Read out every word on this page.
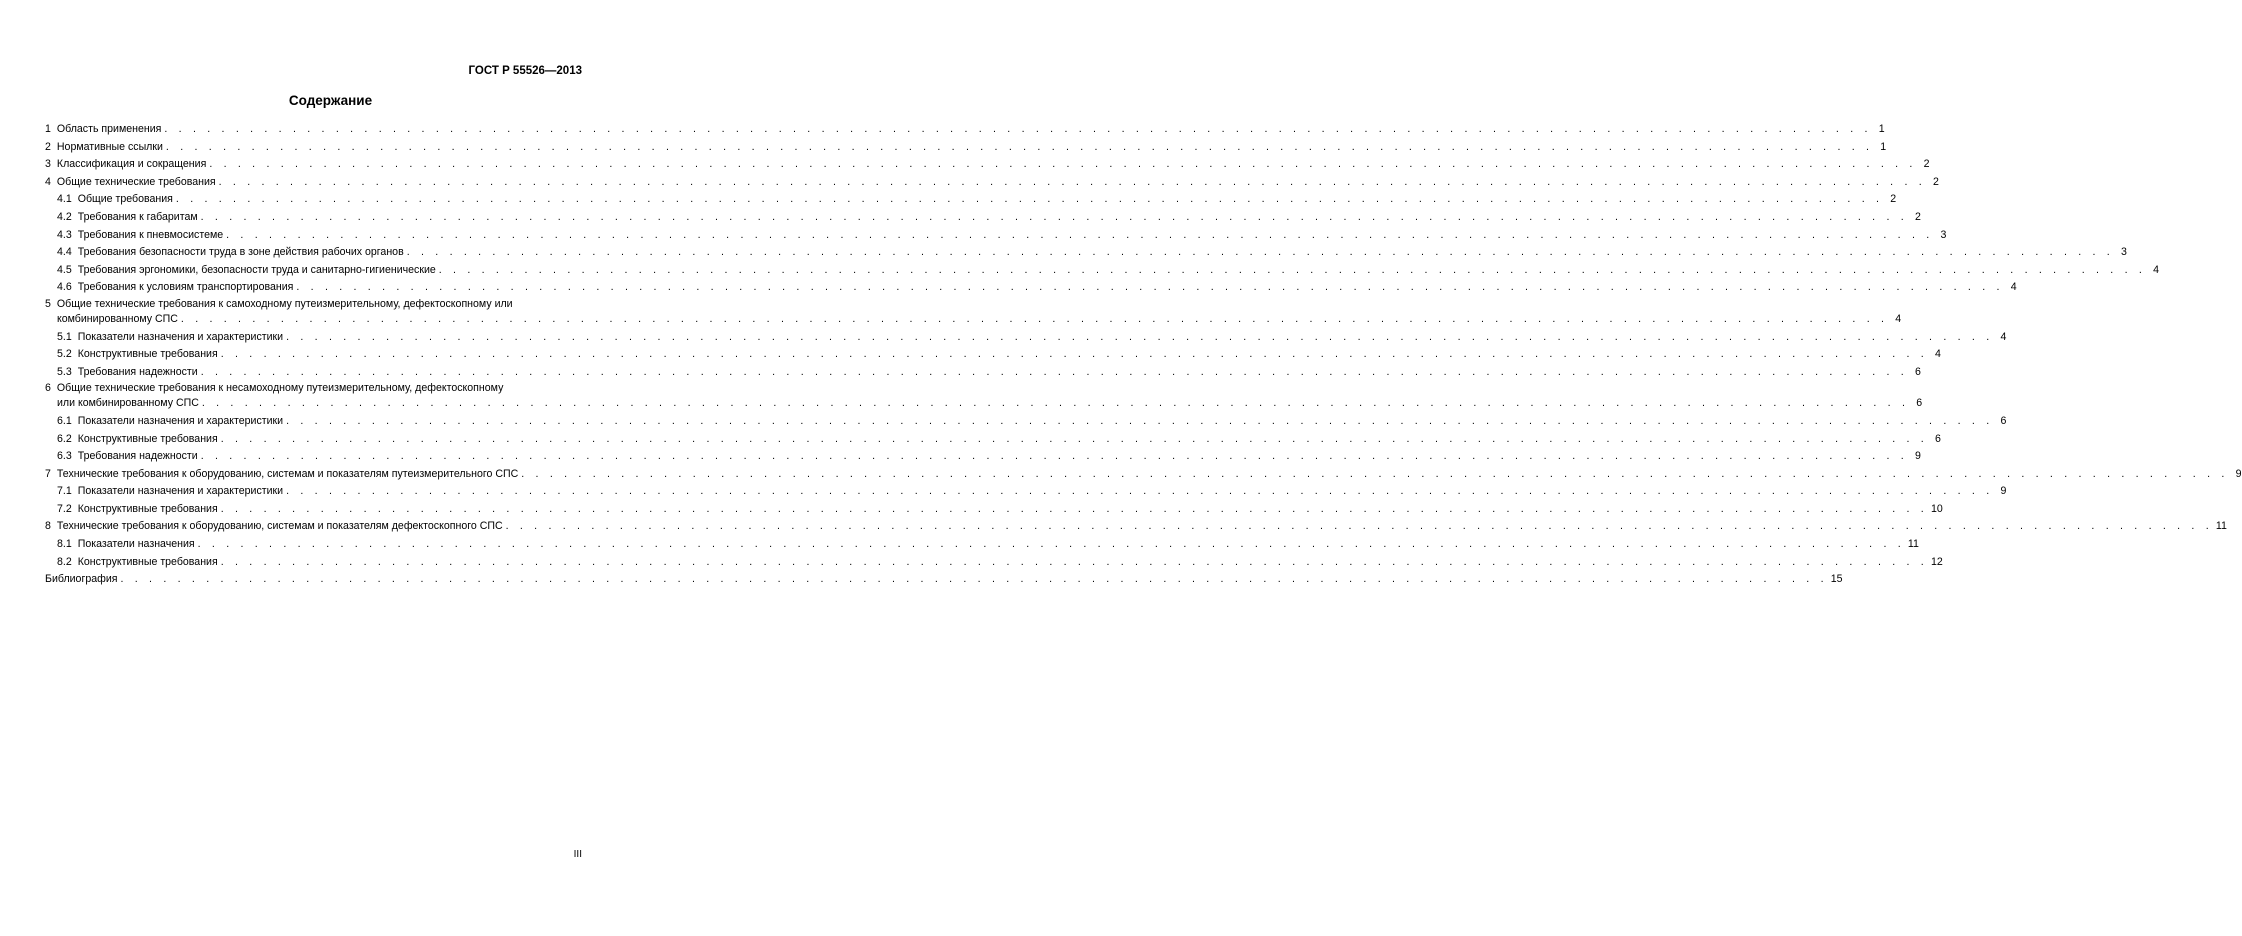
ГОСТ Р 55526—2013
Содержание
1 Область применения . . . . . . . . . . . . . . . . . . . . . . . . . . . . . . . . . . . . . . . . . . . . . . . . . . . . . . . . . . . . . . . . . . . . . . . . . . . . . . . . . . . . . . . . . . . . . . . . . . . . . . . . . . . . . . . . . . . . . . . . 1
2 Нормативные ссылки . . . . . . . . . . . . . . . . . . . . . . . . . . . . . . . . . . . . . . . . . . . . . . . . . . . . . . . . . . . . . . . . . . . . . . . . . . . . . . . . . . . . . . . . . . . . . . . . . . . . . . . . . . . . . . . . . . . . . . . . 1
3 Классификация и сокращения . . . . . . . . . . . . . . . . . . . . . . . . . . . . . . . . . . . . . . . . . . . . . . . . . . . . . . . . . . . . . . . . . . . . . . . . . . . . . . . . . . . . . . . . . . . . . . . . . . . . . . . . . . . . . . . . . . . . . . . . 2
4 Общие технические требования . . . . . . . . . . . . . . . . . . . . . . . . . . . . . . . . . . . . . . . . . . . . . . . . . . . . . . . . . . . . . . . . . . . . . . . . . . . . . . . . . . . . . . . . . . . . . . . . . . . . . . . . . . . . . . . . . . . . . . . . 2
4.1 Общие требования . . . . . . . . . . . . . . . . . . . . . . . . . . . . . . . . . . . . . . . . . . . . . . . . . . . . . . . . . . . . . . . . . . . . . . . . . . . . . . . . . . . . . . . . . . . . . . . . . . . . . . . . . . . . . . . . . . . . . . . . 2
4.2 Требования к габаритам . . . . . . . . . . . . . . . . . . . . . . . . . . . . . . . . . . . . . . . . . . . . . . . . . . . . . . . . . . . . . . . . . . . . . . . . . . . . . . . . . . . . . . . . . . . . . . . . . . . . . . . . . . . . . . . . . . . . . . . . 2
4.3 Требования к пневмосистеме . . . . . . . . . . . . . . . . . . . . . . . . . . . . . . . . . . . . . . . . . . . . . . . . . . . . . . . . . . . . . . . . . . . . . . . . . . . . . . . . . . . . . . . . . . . . . . . . . . . . . . . . . . . . . . . . . . . . . . . . 3
4.4 Требования безопасности труда в зоне действия рабочих органов . . . . . . . . . . . . . . . . . . . . . . . . . . . . . . . . . . . . . . . . . . . . . . . . . . . . . . . . . . . . . . . . . . . . . . . . . . . . . . . . . . . . . . . . . . . . . . . . . . . . . . . . . . . . . . . . . . . . . . . . 3
4.5 Требования эргономики, безопасности труда и санитарно-гигиенические . . . . . . . . . . . . . . . . . . . . . . . . . . . . . . . . . . . . . . . . . . . . . . . . . . . . . . . . . . . . . . . . . . . . . . . . . . . . . . . . . . . . . . . . . . . . . . . . . . . . . . . . . . . . . . . . . . . . . . . . 4
4.6 Требования к условиям транспортирования . . . . . . . . . . . . . . . . . . . . . . . . . . . . . . . . . . . . . . . . . . . . . . . . . . . . . . . . . . . . . . . . . . . . . . . . . . . . . . . . . . . . . . . . . . . . . . . . . . . . . . . . . . . . . . . . . . . . . . . . 4
5 Общие технические требования к самоходному путеизмерительному, дефектоскопному или
комбинированному СПС . . . . . . . . . . . . . . . . . . . . . . . . . . . . . . . . . . . . . . . . . . . . . . . . . . . . . . . . . . . . . . . . . . . . . . . . . . . . . . . . . . . . . . . . . . . . . . . . . . . . . . . . . . . . . . . . . . . . . . . . 4
5.1 Показатели назначения и характеристики . . . . . . . . . . . . . . . . . . . . . . . . . . . . . . . . . . . . . . . . . . . . . . . . . . . . . . . . . . . . . . . . . . . . . . . . . . . . . . . . . . . . . . . . . . . . . . . . . . . . . . . . . . . . . . . . . . . . . . . . 4
5.2 Конструктивные требования . . . . . . . . . . . . . . . . . . . . . . . . . . . . . . . . . . . . . . . . . . . . . . . . . . . . . . . . . . . . . . . . . . . . . . . . . . . . . . . . . . . . . . . . . . . . . . . . . . . . . . . . . . . . . . . . . . . . . . . . 4
5.3 Требования надежности . . . . . . . . . . . . . . . . . . . . . . . . . . . . . . . . . . . . . . . . . . . . . . . . . . . . . . . . . . . . . . . . . . . . . . . . . . . . . . . . . . . . . . . . . . . . . . . . . . . . . . . . . . . . . . . . . . . . . . . . 6
6 Общие технические требования к несамоходному путеизмерительному, дефектоскопному
или комбинированному СПС . . . . . . . . . . . . . . . . . . . . . . . . . . . . . . . . . . . . . . . . . . . . . . . . . . . . . . . . . . . . . . . . . . . . . . . . . . . . . . . . . . . . . . . . . . . . . . . . . . . . . . . . . . . . . . . . . . . . . . . . 6
6.1 Показатели назначения и характеристики . . . . . . . . . . . . . . . . . . . . . . . . . . . . . . . . . . . . . . . . . . . . . . . . . . . . . . . . . . . . . . . . . . . . . . . . . . . . . . . . . . . . . . . . . . . . . . . . . . . . . . . . . . . . . . . . . . . . . . . . 6
6.2 Конструктивные требования . . . . . . . . . . . . . . . . . . . . . . . . . . . . . . . . . . . . . . . . . . . . . . . . . . . . . . . . . . . . . . . . . . . . . . . . . . . . . . . . . . . . . . . . . . . . . . . . . . . . . . . . . . . . . . . . . . . . . . . . 6
6.3 Требования надежности . . . . . . . . . . . . . . . . . . . . . . . . . . . . . . . . . . . . . . . . . . . . . . . . . . . . . . . . . . . . . . . . . . . . . . . . . . . . . . . . . . . . . . . . . . . . . . . . . . . . . . . . . . . . . . . . . . . . . . . . 9
7 Технические требования к оборудованию, системам и показателям путеизмерительного СПС . . . . . . . . . . . . . . . . . . . . . . . . . . . . . . . . . . . . . . . . . . . . . . . . . . . . . . . . . . . . . . . . . . . . . . . . . . . . . . . . . . . . . . . . . . . . . . . . . . . . . . . . . . . . . . . . . . . . . . . . 9
7.1 Показатели назначения и характеристики . . . . . . . . . . . . . . . . . . . . . . . . . . . . . . . . . . . . . . . . . . . . . . . . . . . . . . . . . . . . . . . . . . . . . . . . . . . . . . . . . . . . . . . . . . . . . . . . . . . . . . . . . . . . . . . . . . . . . . . . 9
7.2 Конструктивные требования . . . . . . . . . . . . . . . . . . . . . . . . . . . . . . . . . . . . . . . . . . . . . . . . . . . . . . . . . . . . . . . . . . . . . . . . . . . . . . . . . . . . . . . . . . . . . . . . . . . . . . . . . . . . . . . . . . . . . . . . 10
8 Технические требования к оборудованию, системам и показателям дефектоскопного СПС . . . . . . . . . . . . . . . . . . . . . . . . . . . . . . . . . . . . . . . . . . . . . . . . . . . . . . . . . . . . . . . . . . . . . . . . . . . . . . . . . . . . . . . . . . . . . . . . . . . . . . . . . . . . . . . . . . . . . . . . 11
8.1 Показатели назначения . . . . . . . . . . . . . . . . . . . . . . . . . . . . . . . . . . . . . . . . . . . . . . . . . . . . . . . . . . . . . . . . . . . . . . . . . . . . . . . . . . . . . . . . . . . . . . . . . . . . . . . . . . . . . . . . . . . . . . . . 11
8.2 Конструктивные требования . . . . . . . . . . . . . . . . . . . . . . . . . . . . . . . . . . . . . . . . . . . . . . . . . . . . . . . . . . . . . . . . . . . . . . . . . . . . . . . . . . . . . . . . . . . . . . . . . . . . . . . . . . . . . . . . . . . . . . . . 12
Библиография . . . . . . . . . . . . . . . . . . . . . . . . . . . . . . . . . . . . . . . . . . . . . . . . . . . . . . . . . . . . . . . . . . . . . . . . . . . . . . . . . . . . . . . . . . . . . . . . . . . . . . . . . . . . . . . . . . . . . . . . 15
III
